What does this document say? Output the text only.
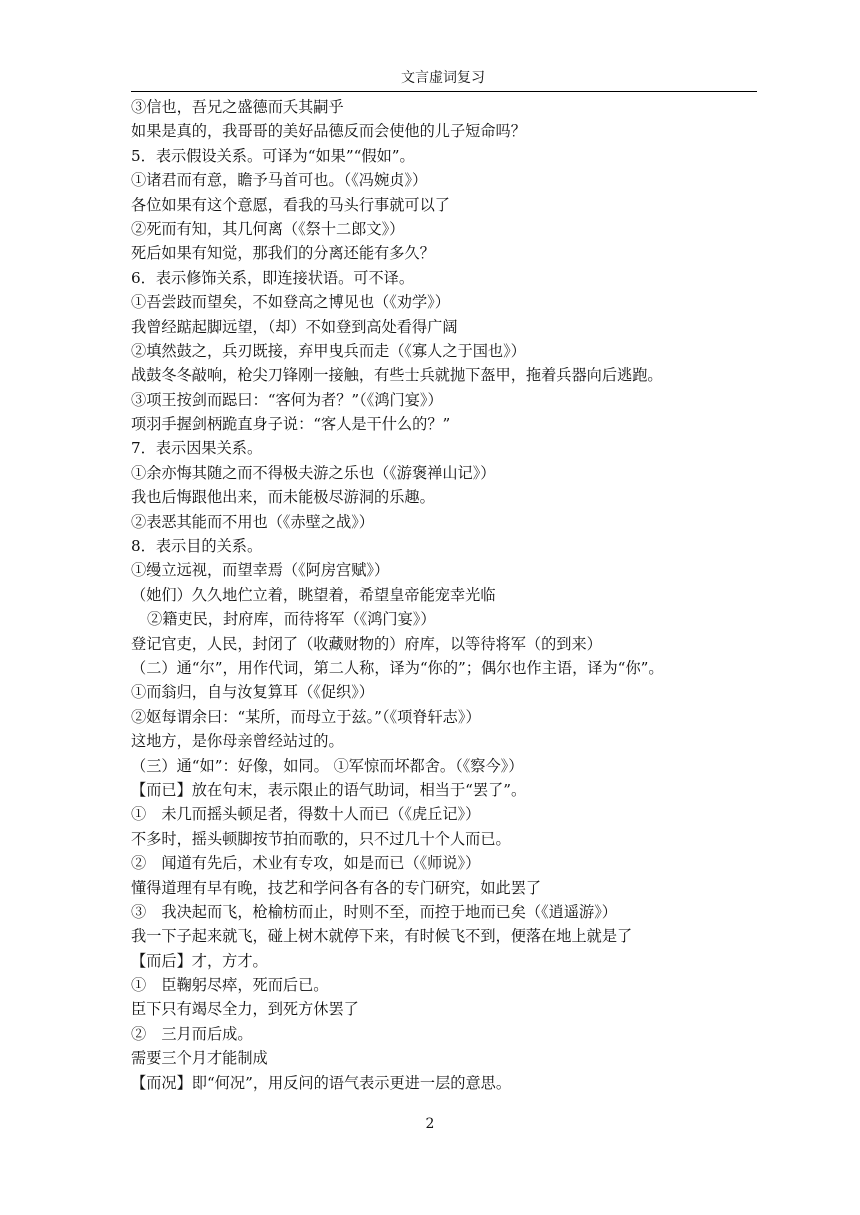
文言虚词复习
③信也，吾兄之盛德而夭其嗣乎
如果是真的，我哥哥的美好品德反而会使他的儿子短命吗？
5．表示假设关系。可译为“如果”“假如”。
①诸君而有意，瞻予马首可也。（《冯婉贞》）
各位如果有这个意愿，看我的马头行事就可以了
②死而有知，其几何离（《祭十二郎文》）
死后如果有知觉，那我们的分离还能有多久？
6．表示修饰关系，即连接状语。可不译。
①吾尝跂而望矣，不如登高之博见也（《劝学》）
我曾经踮起脚远望，（却）不如登到高处看得广阔
②填然鼓之，兵刃既接，弃甲曳兵而走（《寡人之于国也》）
战鼓冬冬敲响，枪尖刀锋刚一接触，有些士兵就抛下盔甲，拖着兵器向后逃跑。
③项王按剑而跽曰：“客何为者？”（《鸿门宴》）
项羽手握剑柄跪直身子说：“客人是干什么的？”
7．表示因果关系。
①余亦悔其随之而不得极夫游之乐也（《游褒禅山记》）
我也后悔跟他出来，而未能极尽游洞的乐趣。
②表恶其能而不用也（《赤壁之战》）
8．表示目的关系。
①缦立远视，而望幸焉（《阿房宫赋》）
（她们）久久地伫立着，眺望着，希望皇帝能宠幸光临
②籍吏民，封府库，而待将军（《鸿门宴》）
登记官吏，人民，封闭了（收藏财物的）府库，以等待将军（的到来）
（二）通“尔”，用作代词，第二人称，译为“你的”；偶尔也作主语，译为“你”。
①而翁归，自与汝复算耳（《促织》）
②妪每谓余曰：“某所，而母立于兹。”（《项脊轩志》）
这地方，是你母亲曾经站过的。
（三）通“如”：好像，如同。 ①军惊而坏都舍。（《察今》）
【而已】放在句末，表示限止的语气助词，相当于“罢了”。
①　未几而摇头顿足者，得数十人而已（《虎丘记》）
不多时，摇头顿脚按节拍而歌的，只不过几十个人而已。
②　闻道有先后，术业有专攻，如是而已（《师说》）
懂得道理有早有晚，技艺和学问各有各的专门研究，如此罢了
③　我决起而飞，枪榆枋而止，时则不至，而控于地而已矣（《逍遥游》）
我一下子起来就飞，碰上树木就停下来，有时候飞不到，便落在地上就是了
【而后】才，方才。
①　臣鞠躬尽瘁，死而后已。
臣下只有竭尽全力，到死方休罢了
②　三月而后成。
需要三个月才能制成
【而况】即“何况”，用反问的语气表示更进一层的意思。
2
